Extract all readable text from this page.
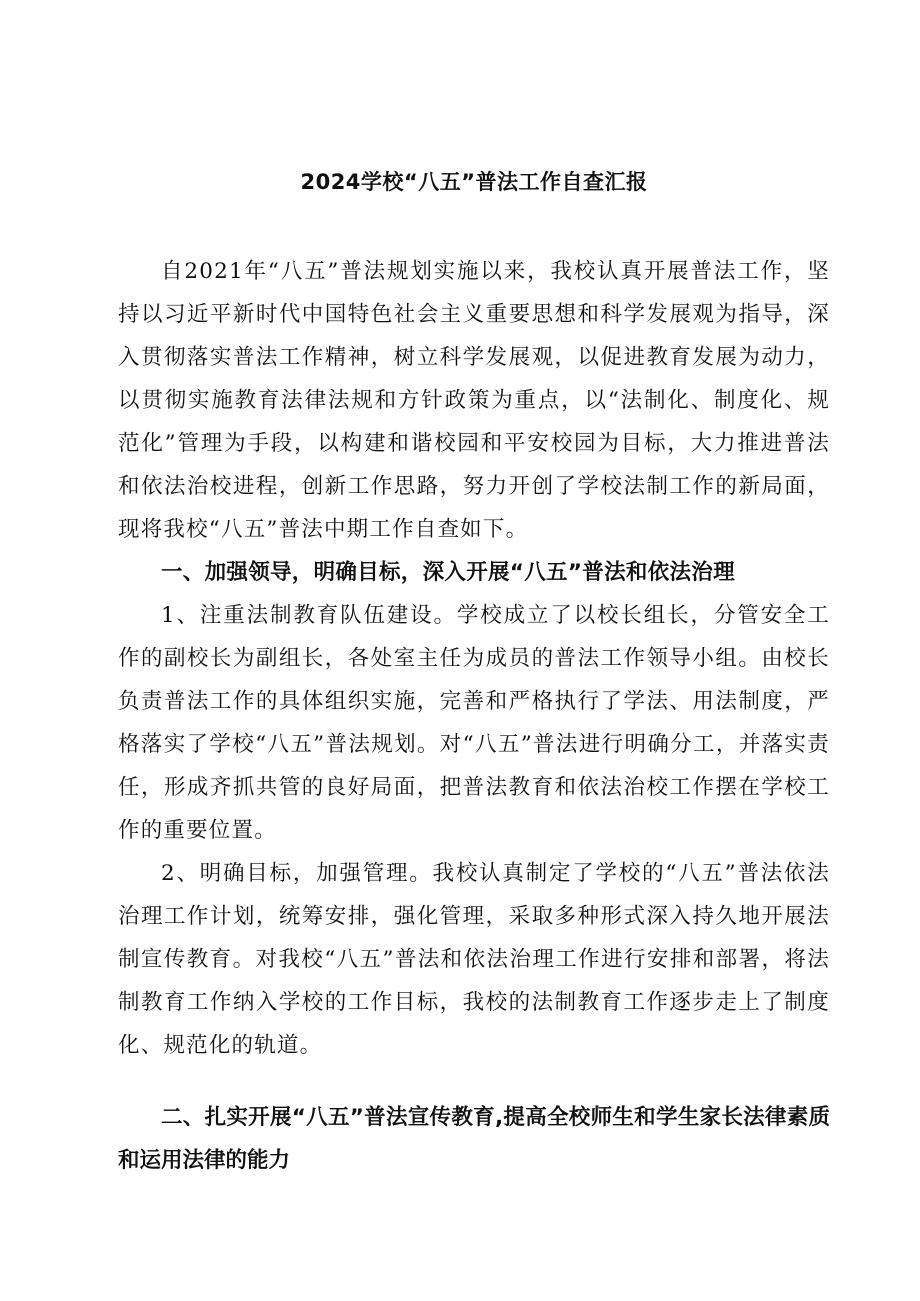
2024学校“八五”普法工作自查汇报

自2021年“八五”普法规划实施以来，我校认真开展普法工作，坚持以习近平新时代中国特色社会主义重要思想和科学发展观为指导，深入贯彻落实普法工作精神，树立科学发展观，以促进教育发展为动力，以贯彻实施教育法律法规和方针政策为重点，以“法制化、制度化、规范化”管理为手段，以构建和谐校园和平安校园为目标，大力推进普法和依法治校进程，创新工作思路，努力开创了学校法制工作的新局面，现将我校“八五”普法中期工作自查如下。

一、加强领导，明确目标，深入开展“八五”普法和依法治理

1、注重法制教育队伍建设。学校成立了以校长组长，分管安全工作的副校长为副组长，各处室主任为成员的普法工作领导小组。由校长负责普法工作的具体组织实施，完善和严格执行了学法、用法制度，严格落实了学校“八五”普法规划。对“八五”普法进行明确分工，并落实责任，形成齐抓共管的良好局面，把普法教育和依法治校工作摆在学校工作的重要位置。

2、明确目标，加强管理。我校认真制定了学校的“八五”普法依法治理工作计划，统筹安排，强化管理，采取多种形式深入持久地开展法制宣传教育。对我校“八五”普法和依法治理工作进行安排和部署，将法制教育工作纳入学校的工作目标，我校的法制教育工作逐步走上了制度化、规范化的轨道。

二、扎实开展“八五”普法宣传教育,提高全校师生和学生家长法律素质和运用法律的能力
